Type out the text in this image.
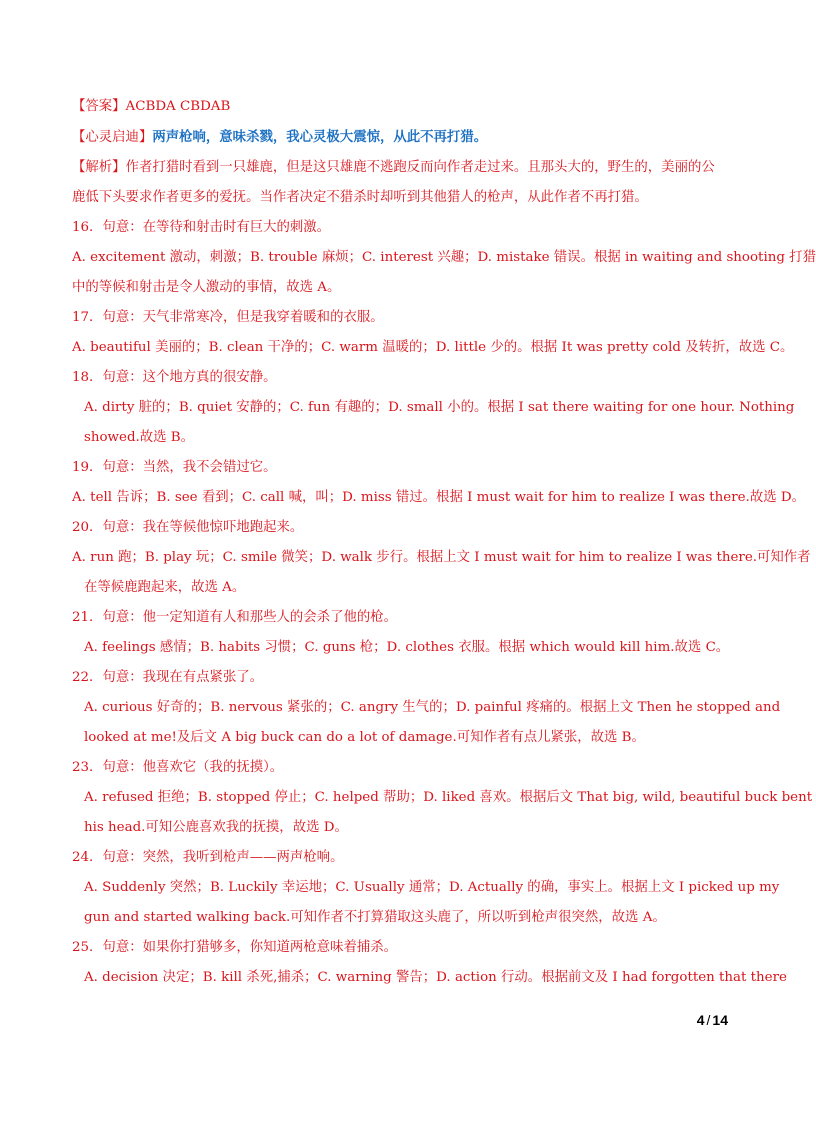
【答案】ACBDA CBDAB
【心灵启迪】两声枪响，意味杀戮，我心灵极大震惊，从此不再打猎。
【解析】作者打猎时看到一只雄鹿，但是这只雄鹿不逃跑反而向作者走过来。且那头大的，野生的，美丽的公
鹿低下头要求作者更多的爱抚。当作者决定不猎杀时却听到其他猎人的枪声，从此作者不再打猎。
16．句意：在等待和射击时有巨大的刺激。
A. excitement 激动，刺激；B. trouble 麻烦；C. interest 兴趣；D. mistake 错误。根据 in waiting and shooting 打猎
中的等候和射击是令人激动的事情，故选 A。
17．句意：天气非常寒冷，但是我穿着暖和的衣服。
A. beautiful 美丽的；B. clean 干净的；C. warm 温暖的；D. little 少的。根据 It was pretty cold 及转折，故选 C。
18．句意：这个地方真的很安静。
A. dirty 脏的；B. quiet 安静的；C. fun 有趣的；D. small 小的。根据 I sat there waiting for one hour. Nothing
showed.故选 B。
19．句意：当然，我不会错过它。
A. tell 告诉；B. see 看到；C. call 喊，叫；D. miss 错过。根据 I must wait for him to realize I was there.故选 D。
20．句意：我在等候他惊吓地跑起来。
A. run 跑；B. play 玩；C. smile 微笑；D. walk 步行。根据上文 I must wait for him to realize I was there.可知作者
在等候鹿跑起来，故选 A。
21．句意：他一定知道有人和那些人的会杀了他的枪。
A. feelings 感情；B. habits 习惯；C. guns 枪；D. clothes 衣服。根据 which would kill him.故选 C。
22．句意：我现在有点紧张了。
A. curious 好奇的；B. nervous 紧张的；C. angry 生气的；D. painful 疼痛的。根据上文 Then he stopped and
looked at me!及后文 A big buck can do a lot of damage.可知作者有点儿紧张，故选 B。
23．句意：他喜欢它（我的抚摸）。
A. refused 拒绝；B. stopped 停止；C. helped 帮助；D. liked 喜欢。根据后文 That big, wild, beautiful buck bent
his head.可知公鹿喜欢我的抚摸，故选 D。
24．句意：突然，我听到枪声——两声枪响。
A. Suddenly 突然；B. Luckily 幸运地；C. Usually 通常；D. Actually 的确，事实上。根据上文 I picked up my
gun and started walking back.可知作者不打算猎取这头鹿了，所以听到枪声很突然，故选 A。
25．句意：如果你打猎够多，你知道两枪意味着捕杀。
A. decision 决定；B. kill 杀死,捕杀；C. warning 警告；D. action 行动。根据前文及 I had forgotten that there
4 / 14
